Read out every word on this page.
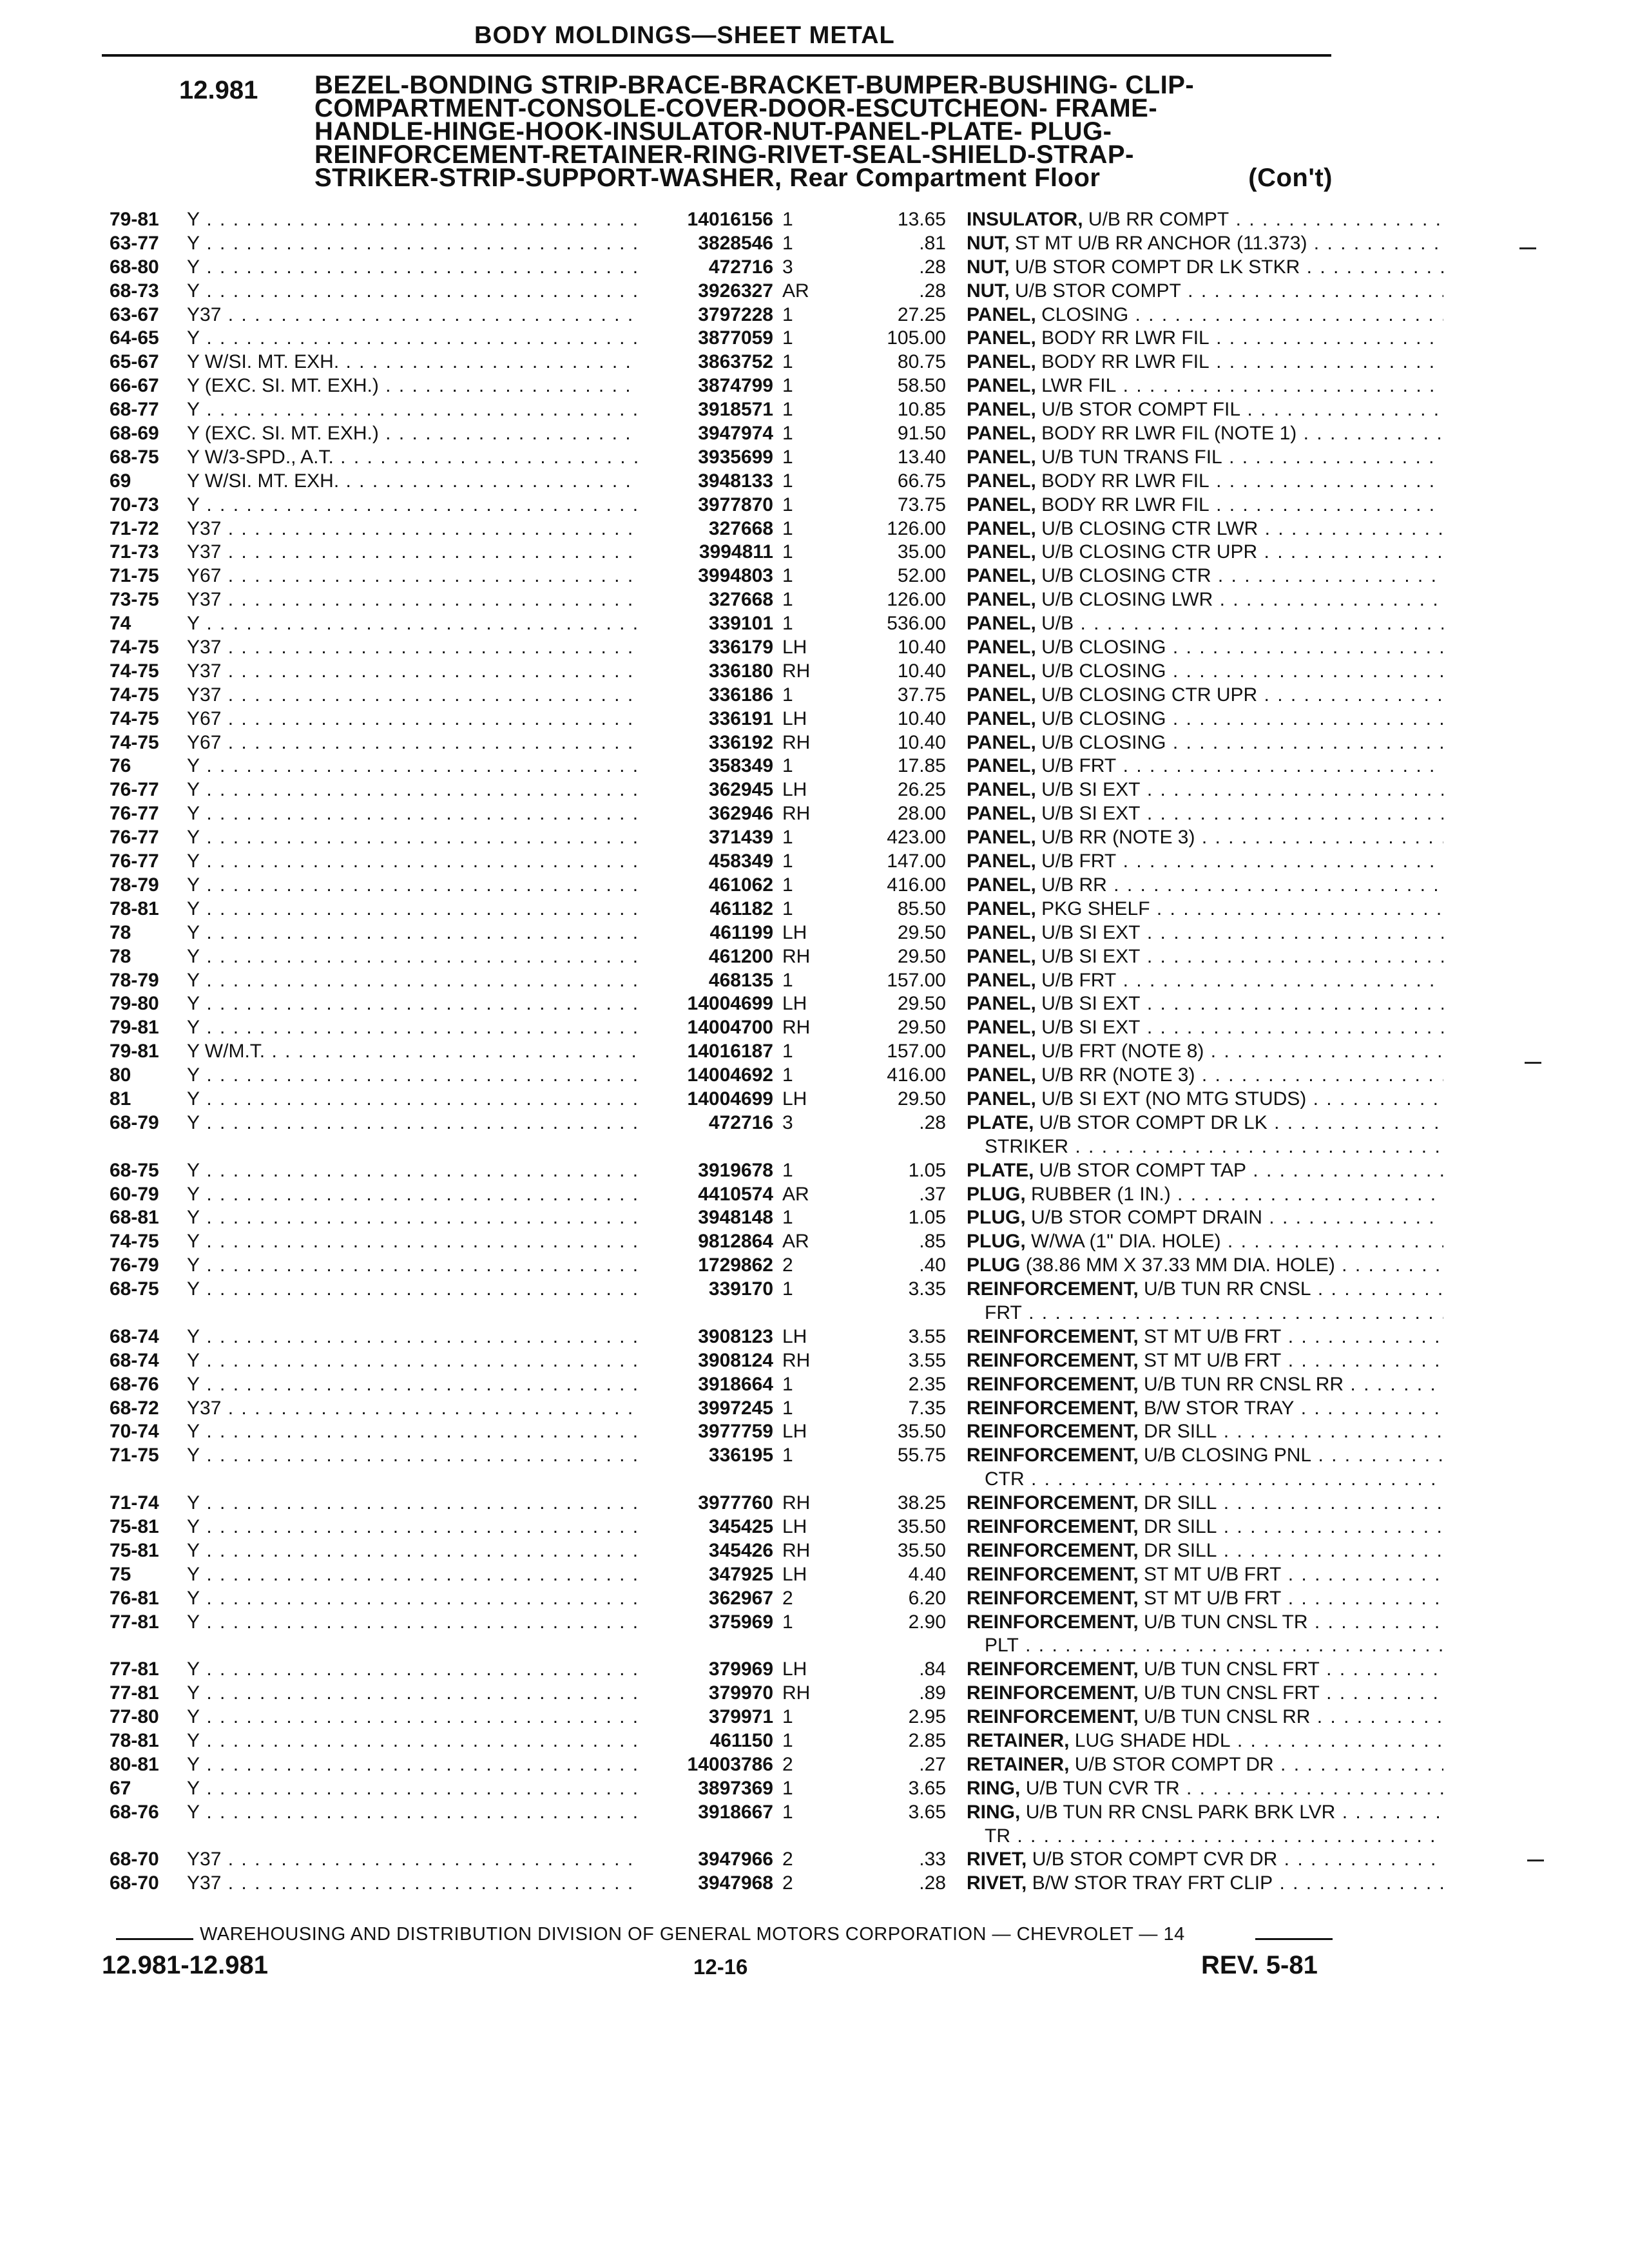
BODY MOLDINGS—SHEET METAL
12.981 BEZEL-BONDING STRIP-BRACE-BRACKET-BUMPER-BUSHING- CLIP-
COMPARTMENT-CONSOLE-COVER-DOOR-ESCUTCHEON- FRAME-
HANDLE-HINGE-HOOK-INSULATOR-NUT-PANEL-PLATE- PLUG-
REINFORCEMENT-RETAINER-RING-RIVET-SEAL-SHIELD-STRAP-
STRIKER-STRIP-SUPPORT-WASHER, Rear Compartment Floor	(Con't)
79-81	Y . . .	14016156 1	13.65 INSULATOR, U/B RR COMPT . . .
63-77	Y . . .	3828546 1	.81 NUT, ST MT U/B RR ANCHOR (11.373) . . .
68-80	Y . . .	472716 3	.28 NUT, U/B STOR COMPT DR LK STKR . . .
68-73	Y . . .	3926327 AR	.28 NUT, U/B STOR COMPT . . .
63-67	Y37 . . .	3797228 1	27.25 PANEL, CLOSING . . .
64-65	Y . . .	3877059 1	105.00 PANEL, BODY RR LWR FIL . . .
65-67	Y W/SI. MT. EXH. . . .	3863752 1	80.75 PANEL, BODY RR LWR FIL . . .
66-67	Y (EXC. SI. MT. EXH.) . . .	3874799 1	58.50 PANEL, LWR FIL . . .
68-77	Y . . .	3918571 1	10.85 PANEL, U/B STOR COMPT FIL . . .
68-69	Y (EXC. SI. MT. EXH.) . . .	3947974 1	91.50 PANEL, BODY RR LWR FIL (NOTE 1) . . .
68-75	Y W/3-SPD., A.T. . . .	3935699 1	13.40 PANEL, U/B TUN TRANS FIL . . .
69	Y W/SI. MT. EXH. . . .	3948133 1	66.75 PANEL, BODY RR LWR FIL . . .
70-73	Y . . .	3977870 1	73.75 PANEL, BODY RR LWR FIL . . .
71-72	Y37 . . .	327668 1	126.00 PANEL, U/B CLOSING CTR LWR . . .
71-73	Y37 . . .	3994811 1	35.00 PANEL, U/B CLOSING CTR UPR . . .
71-75	Y67 . . .	3994803 1	52.00 PANEL, U/B CLOSING CTR . . .
73-75	Y37 . . .	327668 1	126.00 PANEL, U/B CLOSING LWR . . .
74	Y . . .	339101 1	536.00 PANEL, U/B . . .
74-75	Y37 . . .	336179 LH	10.40 PANEL, U/B CLOSING . . .
74-75	Y37 . . .	336180 RH	10.40 PANEL, U/B CLOSING . . .
74-75	Y37 . . .	336186 1	37.75 PANEL, U/B CLOSING CTR UPR . . .
74-75	Y67 . . .	336191 LH	10.40 PANEL, U/B CLOSING . . .
74-75	Y67 . . .	336192 RH	10.40 PANEL, U/B CLOSING . . .
76	Y . . .	358349 1	17.85 PANEL, U/B FRT . . .
76-77	Y . . .	362945 LH	26.25 PANEL, U/B SI EXT . . .
76-77	Y . . .	362946 RH	28.00 PANEL, U/B SI EXT . . .
76-77	Y . . .	371439 1	423.00 PANEL, U/B RR (NOTE 3) . . .
76-77	Y . . .	458349 1	147.00 PANEL, U/B FRT . . .
78-79	Y . . .	461062 1	416.00 PANEL, U/B RR . . .
78-81	Y . . .	461182 1	85.50 PANEL, PKG SHELF . . .
78	Y . . .	461199 LH	29.50 PANEL, U/B SI EXT . . .
78	Y . . .	461200 RH	29.50 PANEL, U/B SI EXT . . .
78-79	Y . . .	468135 1	157.00 PANEL, U/B FRT . . .
79-80	Y . . .	14004699 LH	29.50 PANEL, U/B SI EXT . . .
79-81	Y . . .	14004700 RH	29.50 PANEL, U/B SI EXT . . .
79-81	Y W/M.T. . . .	14016187 1	157.00 PANEL, U/B FRT (NOTE 8) . . .
80	Y . . .	14004692 1	416.00 PANEL, U/B RR (NOTE 3) . . .
81	Y . . .	14004699 LH	29.50 PANEL, U/B SI EXT (NO MTG STUDS) . . .
68-79	Y . . .	472716 3	.28 PLATE, U/B STOR COMPT DR LK . . .
STRIKER . . .
68-75	Y . . .	3919678 1	1.05 PLATE, U/B STOR COMPT TAP . . .
60-79	Y . . .	4410574 AR	.37 PLUG, RUBBER (1 IN.) . . .
68-81	Y . . .	3948148 1	1.05 PLUG, U/B STOR COMPT DRAIN . . .
74-75	Y . . .	9812864 AR	.85 PLUG, W/WA (1" DIA. HOLE) . . .
76-79	Y . . .	1729862 2	.40 PLUG (38.86 MM X 37.33 MM DIA. HOLE) . . .
68-75	Y . . .	339170 1	3.35 REINFORCEMENT, U/B TUN RR CNSL . . .
FRT . . .
68-74	Y . . .	3908123 LH	3.55 REINFORCEMENT, ST MT U/B FRT . . .
68-74	Y . . .	3908124 RH	3.55 REINFORCEMENT, ST MT U/B FRT . . .
68-76	Y . . .	3918664 1	2.35 REINFORCEMENT, U/B TUN RR CNSL RR . . .
68-72	Y37 . . .	3997245 1	7.35 REINFORCEMENT, B/W STOR TRAY . . .
70-74	Y . . .	3977759 LH	35.50 REINFORCEMENT, DR SILL . . .
71-75	Y . . .	336195 1	55.75 REINFORCEMENT, U/B CLOSING PNL . . .
CTR . . .
71-74	Y . . .	3977760 RH	38.25 REINFORCEMENT, DR SILL . . .
75-81	Y . . .	345425 LH	35.50 REINFORCEMENT, DR SILL . . .
75-81	Y . . .	345426 RH	35.50 REINFORCEMENT, DR SILL . . .
75	Y . . .	347925 LH	4.40 REINFORCEMENT, ST MT U/B FRT . . .
76-81	Y . . .	362967 2	6.20 REINFORCEMENT, ST MT U/B FRT . . .
77-81	Y . . .	375969 1	2.90 REINFORCEMENT, U/B TUN CNSL TR . . .
PLT . . .
77-81	Y . . .	379969 LH	.84 REINFORCEMENT, U/B TUN CNSL FRT . . .
77-81	Y . . .	379970 RH	.89 REINFORCEMENT, U/B TUN CNSL FRT . . .
77-80	Y . . .	379971 1	2.95 REINFORCEMENT, U/B TUN CNSL RR . . .
78-81	Y . . .	461150 1	2.85 RETAINER, LUG SHADE HDL . . .
80-81	Y . . .	14003786 2	.27 RETAINER, U/B STOR COMPT DR . . .
67	Y . . .	3897369 1	3.65 RING, U/B TUN CVR TR . . .
68-76	Y . . .	3918667 1	3.65 RING, U/B TUN RR CNSL PARK BRK LVR . . .
TR . . .
68-70	Y37 . . .	3947966 2	.33 RIVET, U/B STOR COMPT CVR DR . . .
68-70	Y37 . . .	3947968 2	.28 RIVET, B/W STOR TRAY FRT CLIP . . .
WAREHOUSING AND DISTRIBUTION DIVISION OF GENERAL MOTORS CORPORATION — CHEVROLET — 14
12.981-12.981	12-16	REV. 5-81
